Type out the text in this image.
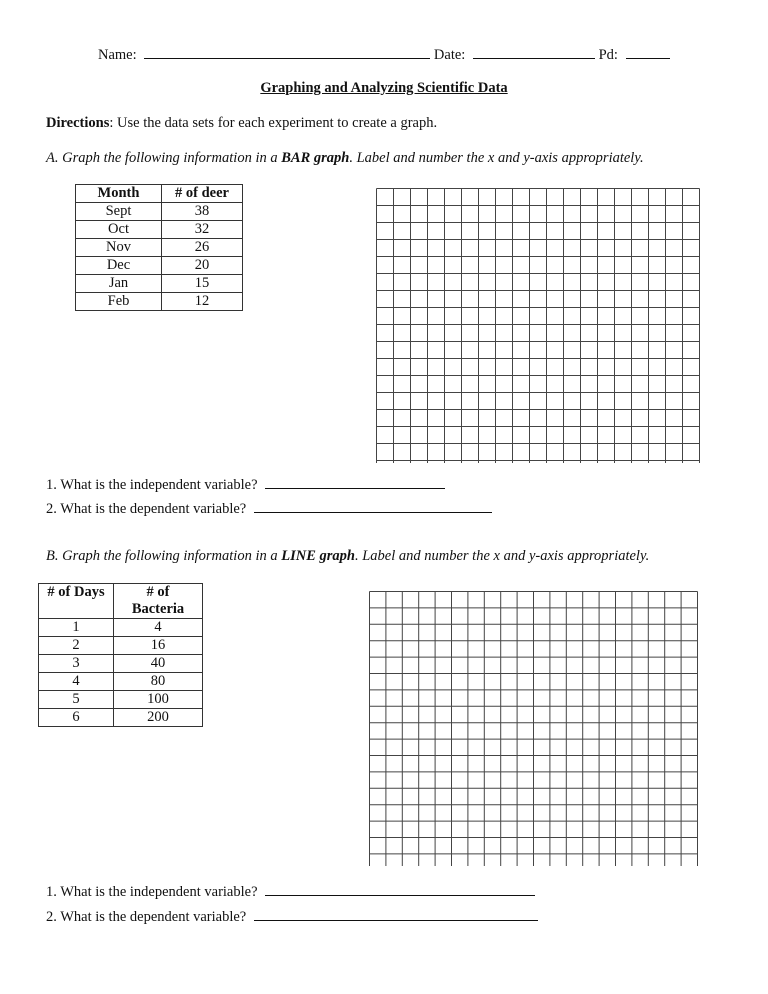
Name:	Date:	Pd:
Graphing and Analyzing Scientific Data
Directions: Use the data sets for each experiment to create a graph.
A. Graph the following information in a BAR graph. Label and number the x and y-axis appropriately.
Month	# of deer
Sept	38
Oct	32
Nov	26
Dec	20
Jan	15
Feb	12
1. What is the independent variable?
2. What is the dependent variable?
B. Graph the following information in a LINE graph. Label and number the x and y-axis appropriately.
# of Days	# of Bacteria
1	4
2	16
3	40
4	80
5	100
6	200
1. What is the independent variable?
2. What is the dependent variable?
